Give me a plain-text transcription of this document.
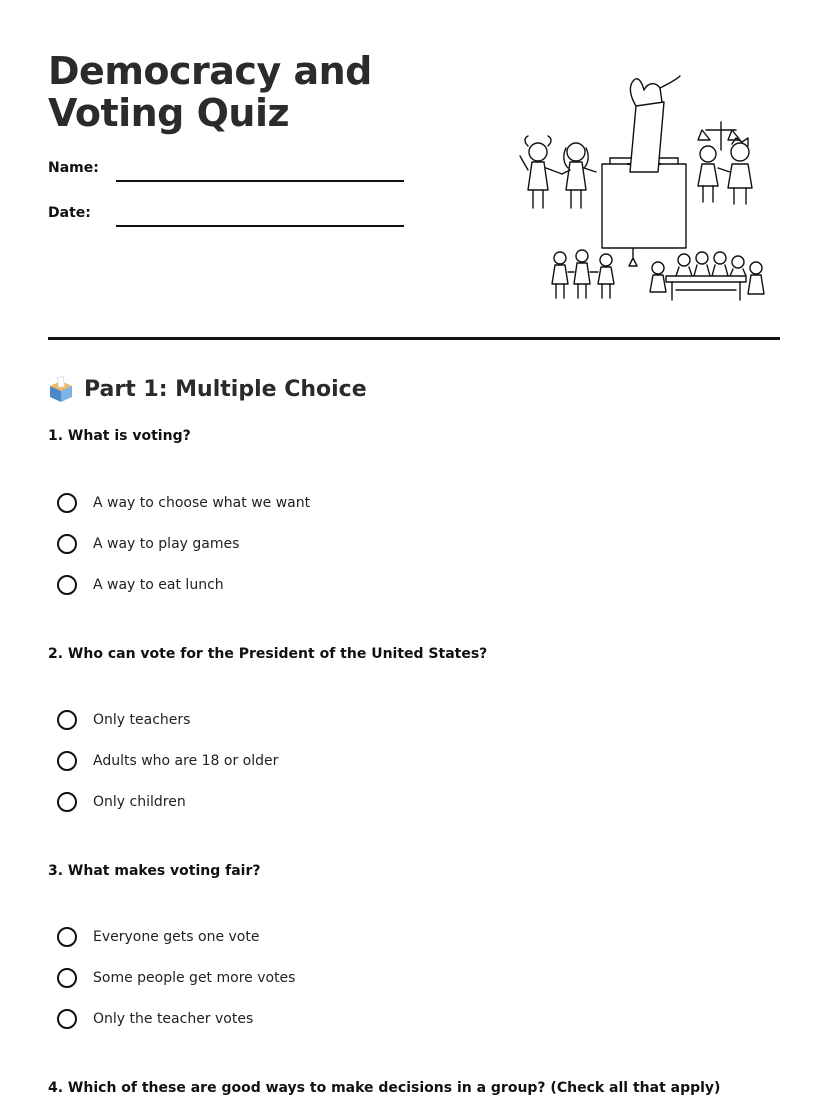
Democracy and Voting Quiz
Name:
Date:
Part 1: Multiple Choice
1. What is voting?
A way to choose what we want
A way to play games
A way to eat lunch
2. Who can vote for the President of the United States?
Only teachers
Adults who are 18 or older
Only children
3. What makes voting fair?
Everyone gets one vote
Some people get more votes
Only the teacher votes
4. Which of these are good ways to make decisions in a group? (Check all that apply)
